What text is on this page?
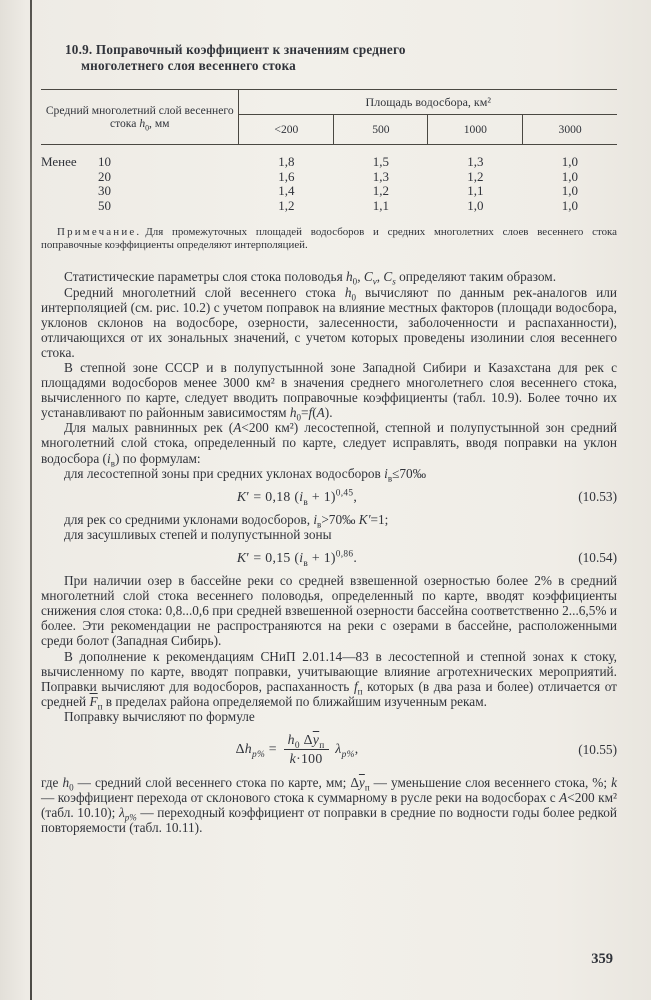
10.9. Поправочный коэффициент к значениям среднего
многолетнего слоя весеннего стока
Средний многолетний слой весеннего стока $h_0$, мм	Площадь водосбора, км²			
	<200	500	1000	3000
Менее 10	1,8	1,5	1,3	1,0
20	1,6	1,3	1,2	1,0
30	1,4	1,2	1,1	1,0
50	1,2	1,1	1,0	1,0

Примечание. Для промежуточных площадей водосборов и средних многолетних слоев весеннего стока поправочные коэффициенты определяют интерполяцией.

Статистические параметры слоя стока половодья $h_0$, $C_v$, $C_s$ определяют таким образом.

Средний многолетний слой весеннего стока $h_0$ вычисляют по данным рек-аналогов или интерполяцией (см. рис. 10.2) с учетом поправок на влияние местных факторов (площади водосбора, уклонов склонов на водосборе, озерности, залесенности, заболоченности и распаханности), отличающихся от их зональных значений, с учетом которых проведены изолинии слоя весеннего стока.

В степной зоне СССР и в полупустынной зоне Западной Сибири и Казахстана для рек с площадями водосборов менее 3000 км² в значения среднего многолетнего слоя весеннего стока, вычисленного по карте, следует вводить поправочные коэффициенты (табл. 10.9). Более точно их устанавливают по районным зависимостям $h_0=f(A)$.

Для малых равнинных рек (A<200 км²) лесостепной, степной и полупустынной зон средний многолетний слой стока, определенный по карте, следует исправлять, вводя поправки на уклон водосбора $(i_в)$ по формулам:

для лесостепной зоны при средних уклонах водосборов $i_в\le 70‰$

K′ = 0,18 $(i_в + 1)^{0,45}$,	(10.53)

для рек со средними уклонами водосборов, $i_в>70‰$ K′=1;

для засушливых степей и полупустынной зоны

K′ = 0,15 $(i_в + 1)^{0,86}$.	(10.54)

При наличии озер в бассейне реки со средней взвешенной озерностью более 2% в средний многолетний слой стока весеннего половодья, определенный по карте, вводят коэффициенты снижения слоя стока: 0,8...0,6 при средней взвешенной озерности бассейна соответственно 2...6,5% и более. Эти рекомендации не распространяются на реки с озерами в бассейне, расположенными среди болот (Западная Сибирь).

В дополнение к рекомендациям СНиП 2.01.14—83 в лесостепной и степной зонах к стоку, вычисленному по карте, вводят поправки, учитывающие влияние агротехнических мероприятий. Поправки вычисляют для водосборов, распаханность $f_п$ которых (в два раза и более) отличается от средней $\overline{F}_п$ в пределах района определяемой по ближайшим изученным рекам.

Поправку вычисляют по формуле

$\Delta h_{p\%} = \frac{h_0 \Delta\overline{y}_п}{k\cdot 100} \lambda_{p\%}$,	(10.55)

где $h_0$ — средний слой весеннего стока по карте, мм; $\Delta\overline{y}_п$ — уменьшение слоя весеннего стока, %; k — коэффициент перехода от склонового стока к суммарному в русле реки на водосборах с A<200 км² (табл. 10.10); $\lambda_{p\%}$ — переходный коэффициент от поправки в средние по водности годы более редкой повторяемости (табл. 10.11).

359
